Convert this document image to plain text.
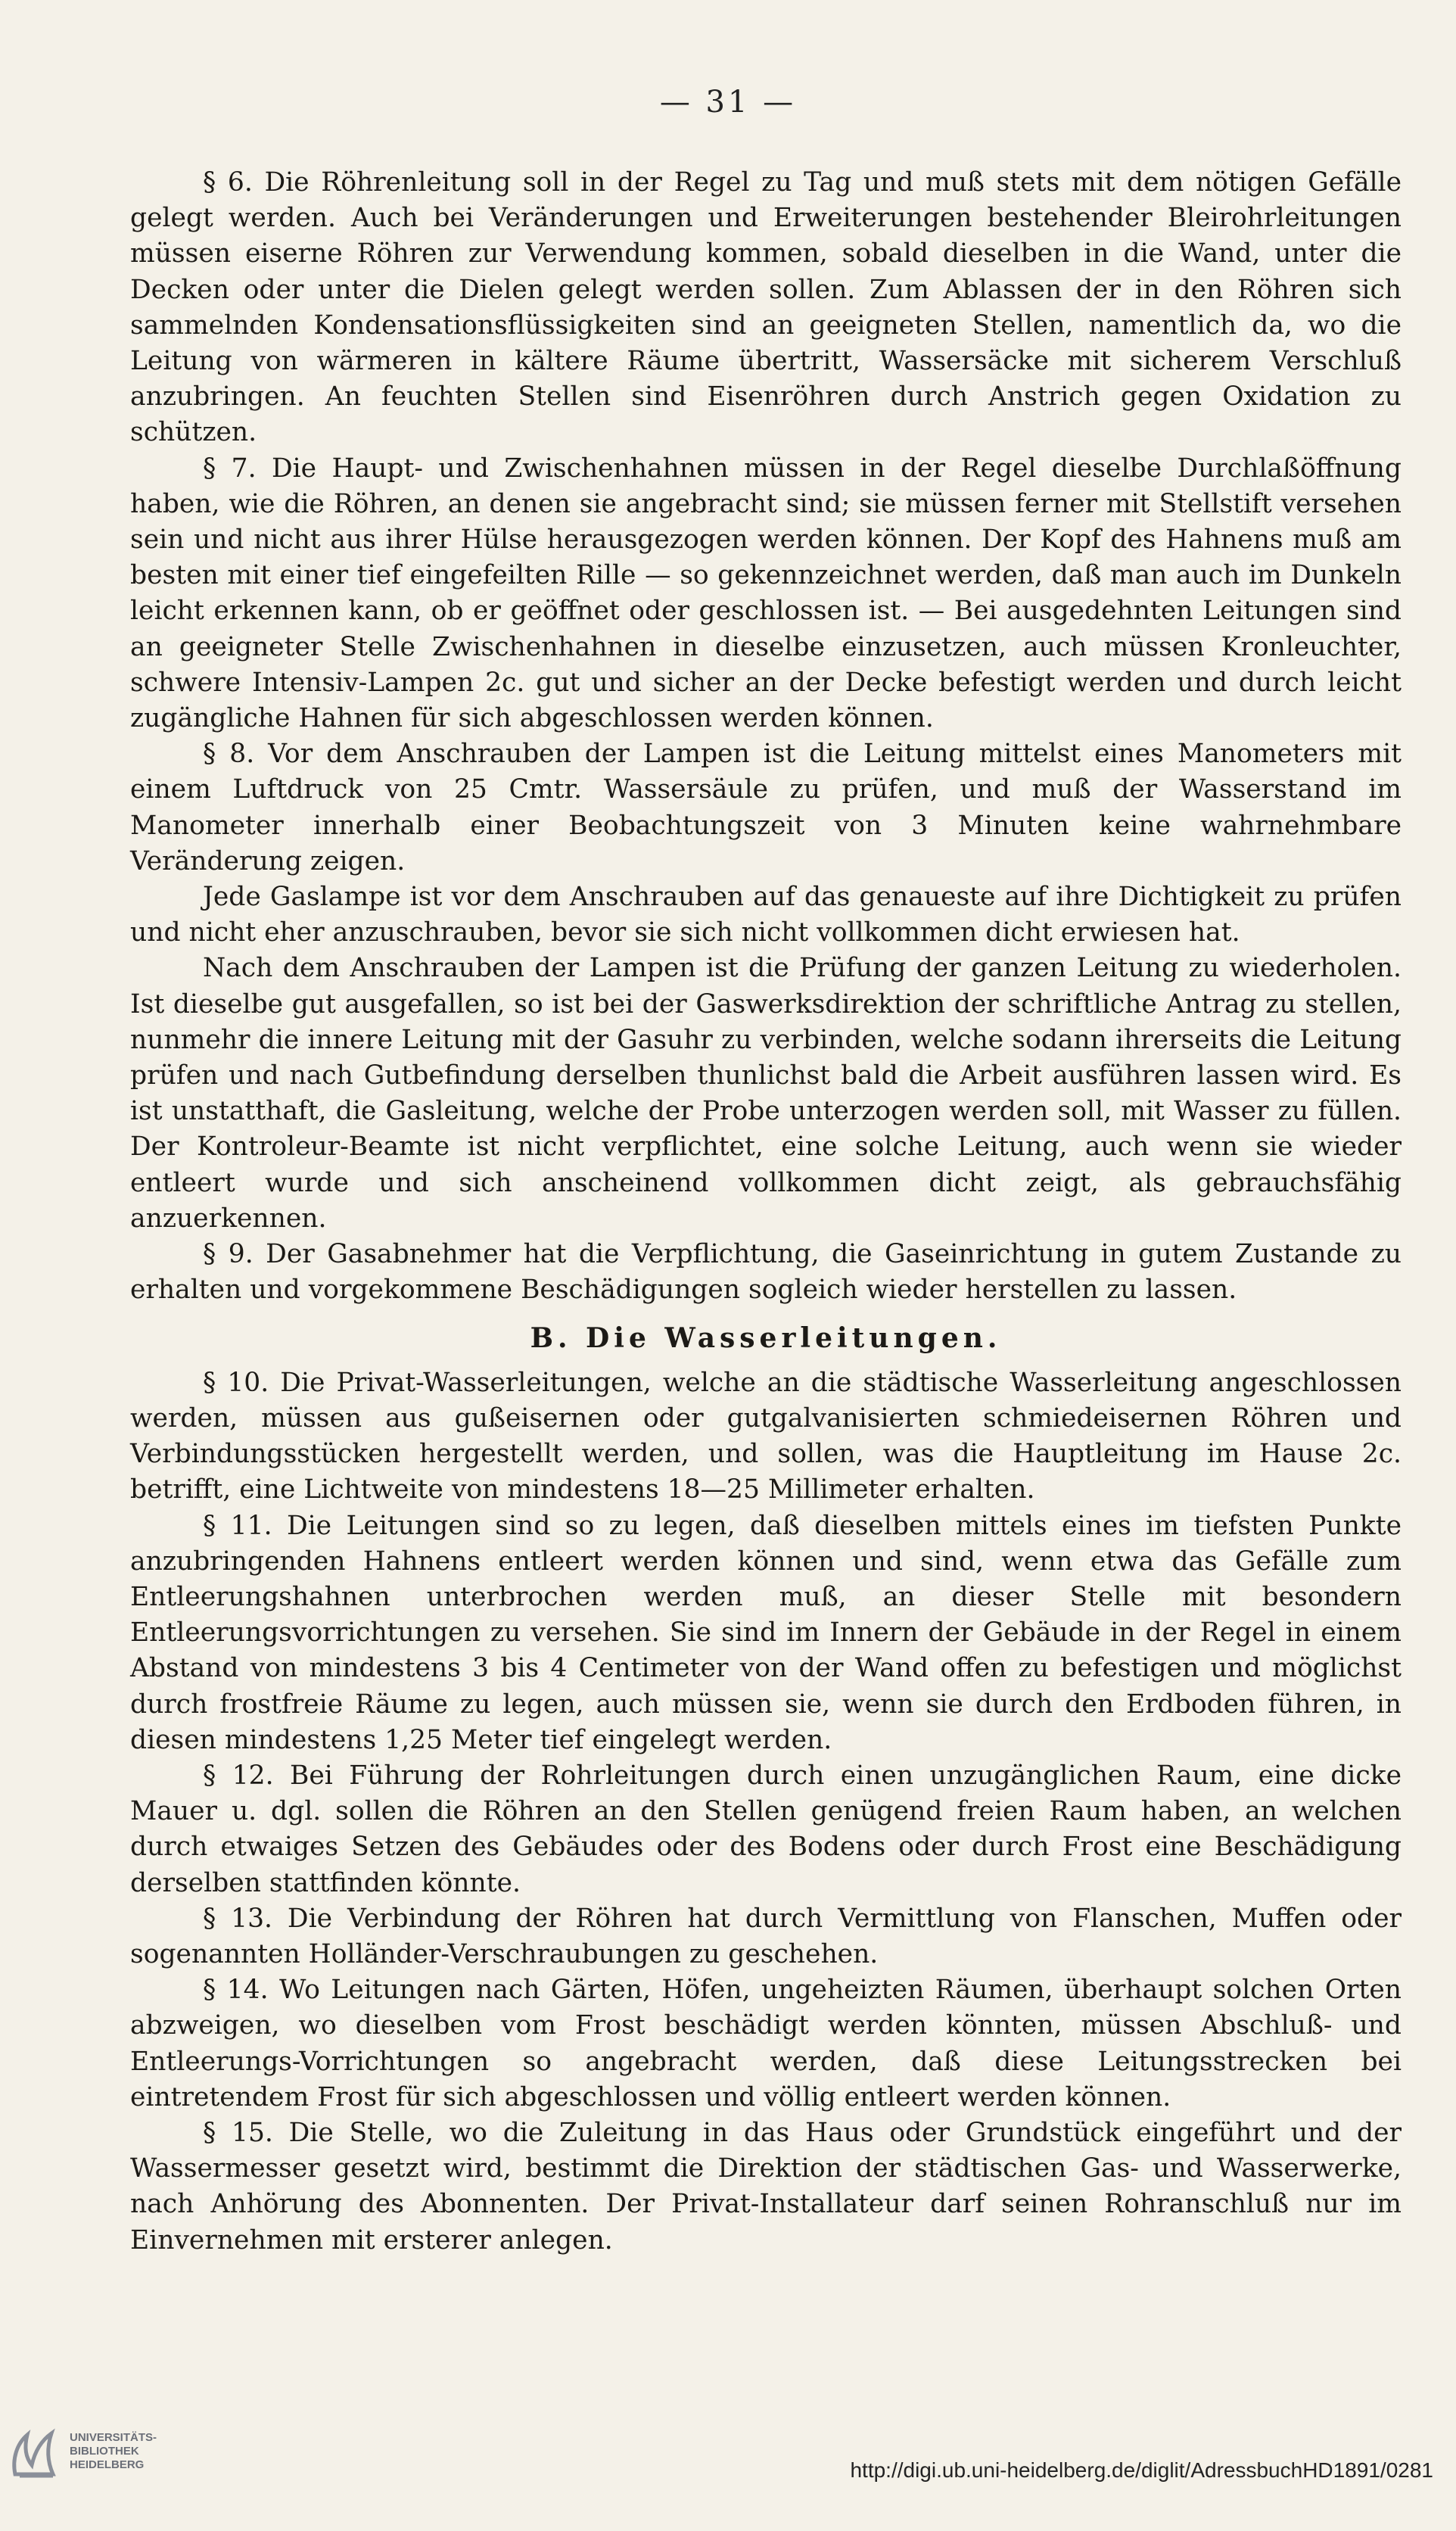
— 31 —

§ 6. Die Röhrenleitung soll in der Regel zu Tag und muß stets mit dem nötigen Gefälle gelegt werden. Auch bei Veränderungen und Erweiterungen bestehender Bleirohrleitungen müssen eiserne Röhren zur Verwendung kommen, sobald dieselben in die Wand, unter die Decken oder unter die Dielen gelegt werden sollen. Zum Ablassen der in den Röhren sich sammelnden Kondensationsflüssigkeiten sind an geeigneten Stellen, namentlich da, wo die Leitung von wärmeren in kältere Räume übertritt, Wassersäcke mit sicherem Verschluß anzubringen. An feuchten Stellen sind Eisenröhren durch Anstrich gegen Oxidation zu schützen.

§ 7. Die Haupt- und Zwischenhahnen müssen in der Regel dieselbe Durchlaßöffnung haben, wie die Röhren, an denen sie angebracht sind; sie müssen ferner mit Stellstift versehen sein und nicht aus ihrer Hülse herausgezogen werden können. Der Kopf des Hahnens muß am besten mit einer tief eingefeilten Rille — so gekennzeichnet werden, daß man auch im Dunkeln leicht erkennen kann, ob er geöffnet oder geschlossen ist. — Bei ausgedehnten Leitungen sind an geeigneter Stelle Zwischenhahnen in dieselbe einzusetzen, auch müssen Kronleuchter, schwere Intensiv-Lampen 2c. gut und sicher an der Decke befestigt werden und durch leicht zugängliche Hahnen für sich abgeschlossen werden können.

§ 8. Vor dem Anschrauben der Lampen ist die Leitung mittelst eines Manometers mit einem Luftdruck von 25 Cmtr. Wassersäule zu prüfen, und muß der Wasserstand im Manometer innerhalb einer Beobachtungszeit von 3 Minuten keine wahrnehmbare Veränderung zeigen.

Jede Gaslampe ist vor dem Anschrauben auf das genaueste auf ihre Dichtigkeit zu prüfen und nicht eher anzuschrauben, bevor sie sich nicht vollkommen dicht erwiesen hat.

Nach dem Anschrauben der Lampen ist die Prüfung der ganzen Leitung zu wiederholen. Ist dieselbe gut ausgefallen, so ist bei der Gaswerksdirektion der schriftliche Antrag zu stellen, nunmehr die innere Leitung mit der Gasuhr zu verbinden, welche sodann ihrerseits die Leitung prüfen und nach Gutbefindung derselben thunlichst bald die Arbeit ausführen lassen wird. Es ist unstatthaft, die Gasleitung, welche der Probe unterzogen werden soll, mit Wasser zu füllen. Der Kontroleur-Beamte ist nicht verpflichtet, eine solche Leitung, auch wenn sie wieder entleert wurde und sich anscheinend vollkommen dicht zeigt, als gebrauchsfähig anzuerkennen.

§ 9. Der Gasabnehmer hat die Verpflichtung, die Gaseinrichtung in gutem Zustande zu erhalten und vorgekommene Beschädigungen sogleich wieder herstellen zu lassen.

B. Die Wasserleitungen.

§ 10. Die Privat-Wasserleitungen, welche an die städtische Wasserleitung angeschlossen werden, müssen aus gußeisernen oder gutgalvanisierten schmiedeisernen Röhren und Verbindungsstücken hergestellt werden, und sollen, was die Hauptleitung im Hause 2c. betrifft, eine Lichtweite von mindestens 18—25 Millimeter erhalten.

§ 11. Die Leitungen sind so zu legen, daß dieselben mittels eines im tiefsten Punkte anzubringenden Hahnens entleert werden können und sind, wenn etwa das Gefälle zum Entleerungshahnen unterbrochen werden muß, an dieser Stelle mit besondern Entleerungsvorrichtungen zu versehen. Sie sind im Innern der Gebäude in der Regel in einem Abstand von mindestens 3 bis 4 Centimeter von der Wand offen zu befestigen und möglichst durch frostfreie Räume zu legen, auch müssen sie, wenn sie durch den Erdboden führen, in diesen mindestens 1,25 Meter tief eingelegt werden.

§ 12. Bei Führung der Rohrleitungen durch einen unzugänglichen Raum, eine dicke Mauer u. dgl. sollen die Röhren an den Stellen genügend freien Raum haben, an welchen durch etwaiges Setzen des Gebäudes oder des Bodens oder durch Frost eine Beschädigung derselben stattfinden könnte.

§ 13. Die Verbindung der Röhren hat durch Vermittlung von Flanschen, Muffen oder sogenannten Holländer-Verschraubungen zu geschehen.

§ 14. Wo Leitungen nach Gärten, Höfen, ungeheizten Räumen, überhaupt solchen Orten abzweigen, wo dieselben vom Frost beschädigt werden könnten, müssen Abschluß- und Entleerungs-Vorrichtungen so angebracht werden, daß diese Leitungsstrecken bei eintretendem Frost für sich abgeschlossen und völlig entleert werden können.

§ 15. Die Stelle, wo die Zuleitung in das Haus oder Grundstück eingeführt und der Wassermesser gesetzt wird, bestimmt die Direktion der städtischen Gas- und Wasserwerke, nach Anhörung des Abonnenten. Der Privat-Installateur darf seinen Rohranschluß nur im Einvernehmen mit ersterer anlegen.

UNIVERSITÄTS-
BIBLIOTHEK
HEIDELBERG	http://digi.ub.uni-heidelberg.de/diglit/AdressbuchHD1891/0281
